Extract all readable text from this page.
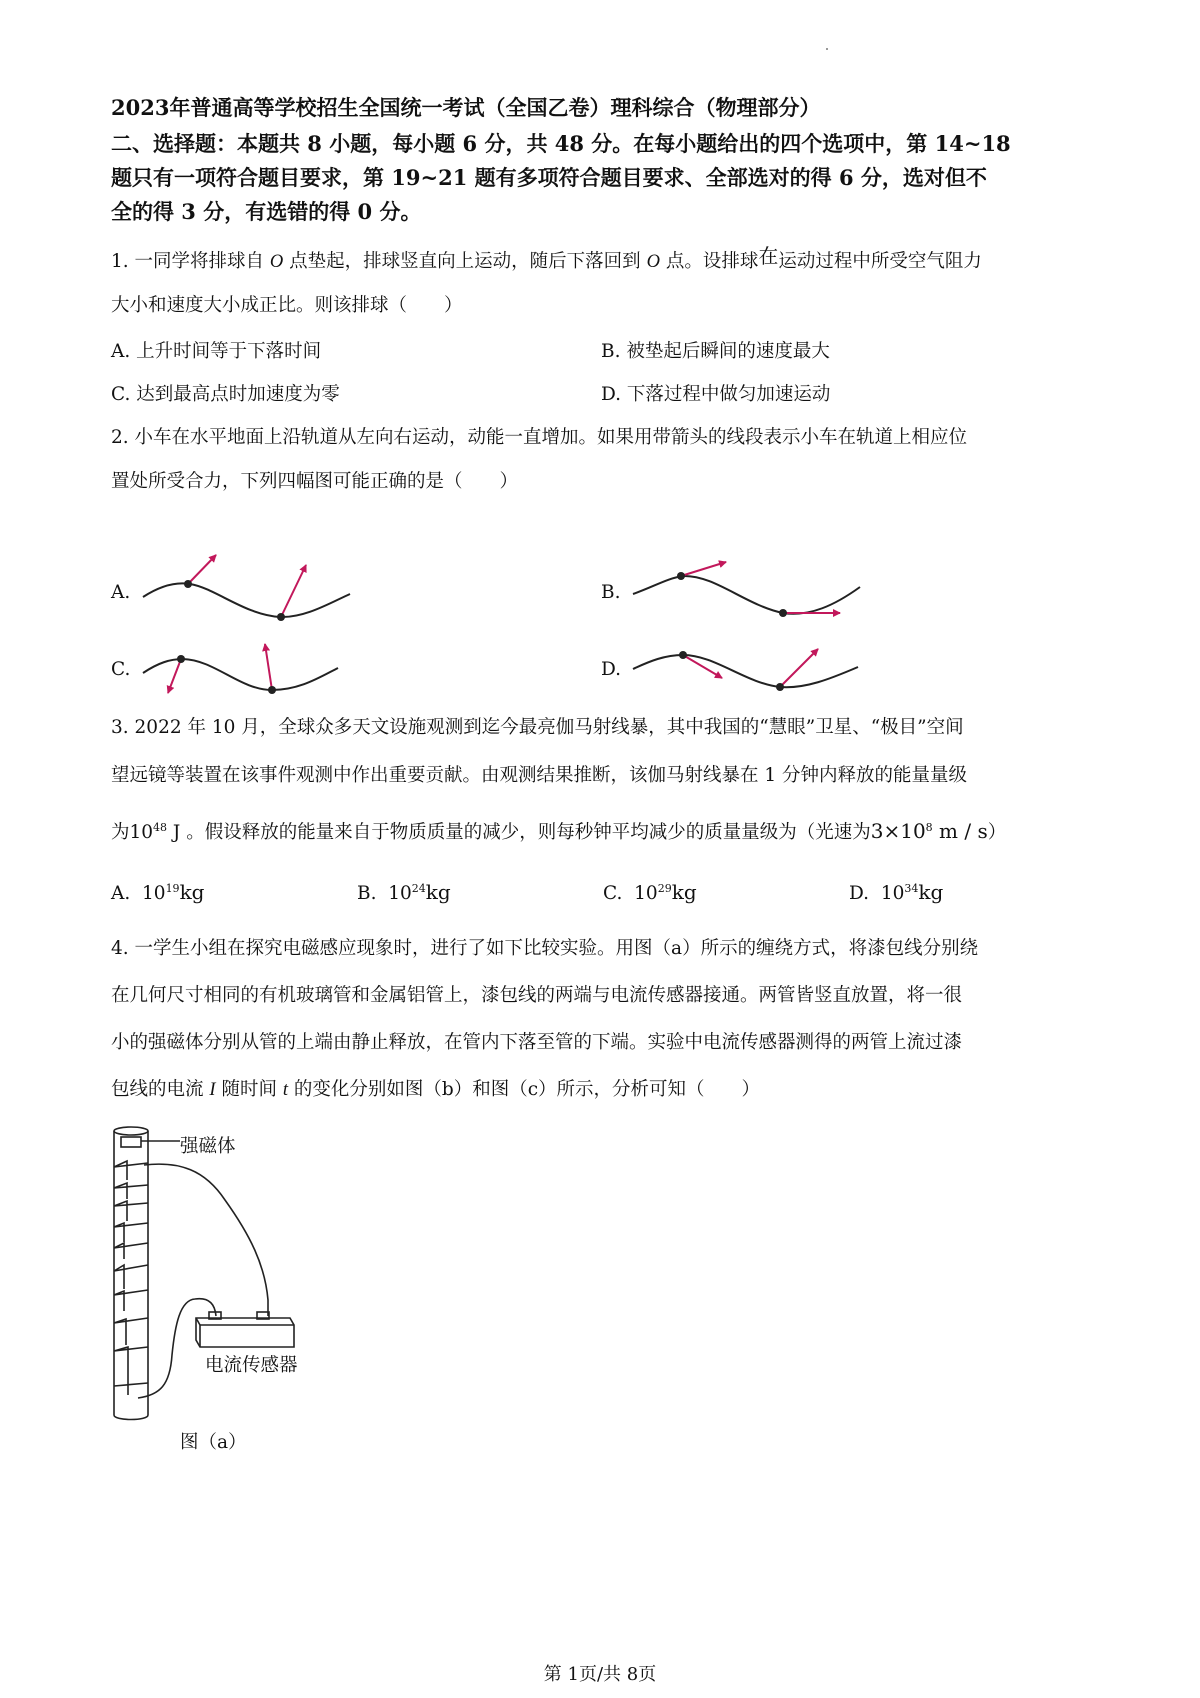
2023年普通高等学校招生全国统一考试（全国乙卷）理科综合（物理部分）
二、选择题：本题共 8 小题，每小题 6 分，共 48 分。在每小题给出的四个选项中，第 14~18
题只有一项符合题目要求，第 19~21 题有多项符合题目要求、全部选对的得 6 分，选对但不
全的得 3 分，有选错的得 0 分。
1. 一同学将排球自 O 点垫起，排球竖直向上运动，随后下落回到 O 点。设排球在运动过程中所受空气阻力
大小和速度大小成正比。则该排球（　　）
A. 上升时间等于下落时间	B. 被垫起后瞬间的速度最大
C. 达到最高点时加速度为零	D. 下落过程中做匀加速运动
2. 小车在水平地面上沿轨道从左向右运动，动能一直增加。如果用带箭头的线段表示小车在轨道上相应位
置处所受合力，下列四幅图可能正确的是（　　）
A.	B.
C.	D.
3. 2022 年 10 月，全球众多天文设施观测到迄今最亮伽马射线暴，其中我国的“慧眼”卫星、“极目”空间
望远镜等装置在该事件观测中作出重要贡献。由观测结果推断，该伽马射线暴在 1 分钟内释放的能量量级
为$10^{48}$ J 。假设释放的能量来自于物质质量的减少，则每秒钟平均减少的质量量级为（光速为$3\times 10^8$ m / s）
A. $10^{19}kg$	B. $10^{24}kg$	C. $10^{29}kg$	D. $10^{34}kg$
4. 一学生小组在探究电磁感应现象时，进行了如下比较实验。用图（a）所示的缠绕方式，将漆包线分别绕
在几何尺寸相同的有机玻璃管和金属铝管上，漆包线的两端与电流传感器接通。两管皆竖直放置，将一很
小的强磁体分别从管的上端由静止释放，在管内下落至管的下端。实验中电流传感器测得的两管上流过漆
包线的电流 I 随时间 t 的变化分别如图（b）和图（c）所示，分析可知（　　）
强磁体
电流传感器
图（a）
第 1页/共 8页
